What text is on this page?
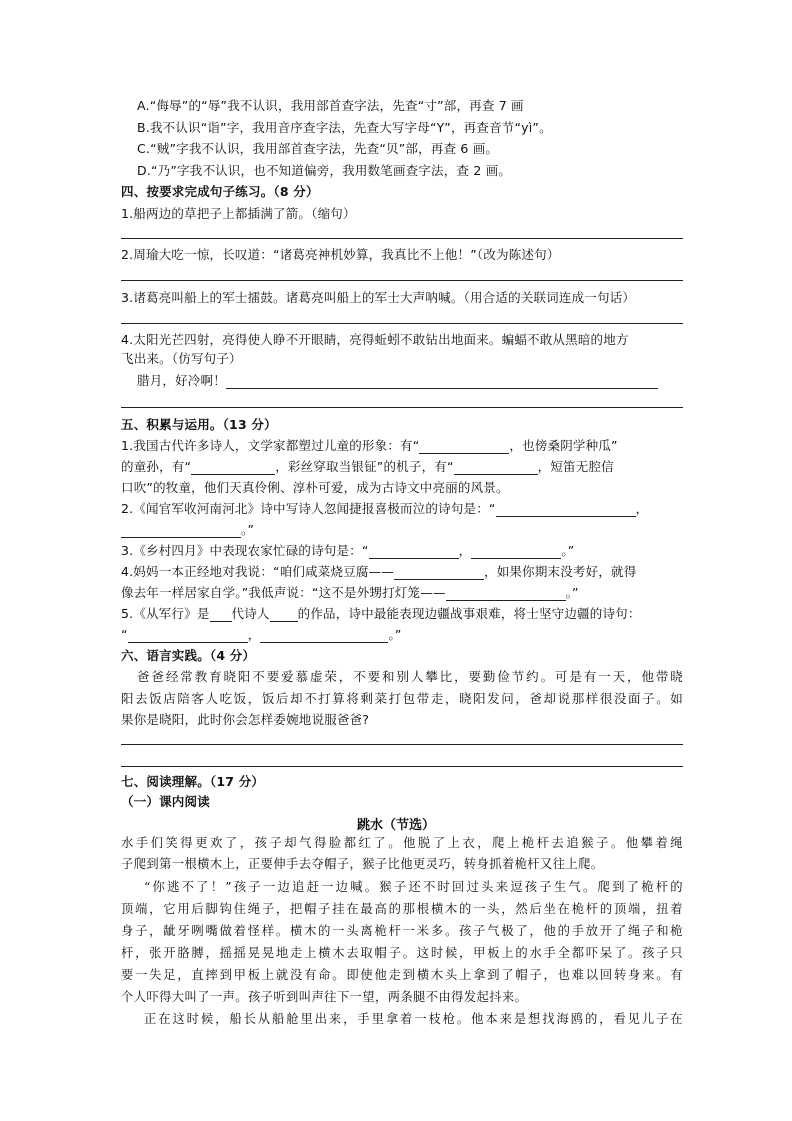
A.“侮辱”的“辱”我不认识，我用部首查字法，先查“寸”部，再查 7 画
B.我不认识“诣”字，我用音序查字法，先查大写字母“Y”，再查音节“yì”。
C.“贼”字我不认识，我用部首查字法，先查“贝”部，再查 6 画。
D.“乃”字我不认识，也不知道偏旁，我用数笔画查字法，查 2 画。
四、按要求完成句子练习。（8 分）
1.船两边的草把子上都插满了箭。（缩句）
2.周瑜大吃一惊，长叹道：“诸葛亮神机妙算，我真比不上他！”（改为陈述句）
3.诸葛亮叫船上的军士擂鼓。诸葛亮叫船上的军士大声呐喊。（用合适的关联词连成一句话）
4.太阳光芒四射，亮得使人睁不开眼睛，亮得蚯蚓不敢钻出地面来。蝙蝠不敢从黑暗的地方
飞出来。（仿写句子）
腊月，好冷啊！
五、积累与运用。（13 分）
1.我国古代许多诗人，文学家都塑过儿童的形象：有“	，也傍桑阴学种瓜”
的童孙，有“	，彩丝穿取当银钲”的机子，有“	，短笛无腔信
口吹”的牧童，他们天真伶俐、淳朴可爱，成为古诗文中亮丽的风景。
2.《闻官军收河南河北》诗中写诗人忽闻捷报喜极而泣的诗句是：“	，
。”
3.《乡村四月》中表现农家忙碌的诗句是：“	，	。”
4.妈妈一本正经地对我说：“咱们咸菜烧豆腐——	，如果你期末没考好，就得
像去年一样居家自学。”我低声说：“这不是外甥打灯笼——	。”
5.《从军行》是 代诗人 的作品，诗中最能表现边疆战事艰难，将士坚守边疆的诗句：
“	，	。”
六、语言实践。（4 分）
爸爸经常教育晓阳不要爱慕虚荣，不要和别人攀比，要勤俭节约。可是有一天，他带晓
阳去饭店陪客人吃饭，饭后却不打算将剩菜打包带走，晓阳发问，爸却说那样很没面子。如
果你是晓阳，此时你会怎样委婉地说服爸爸?
七、阅读理解。（17 分）
（一）课内阅读
跳水（节选）
水手们笑得更欢了，孩子却气得脸都红了。他脱了上衣，爬上桅杆去追猴子。他攀着绳
子爬到第一根横木上，正要伸手去夺帽子，猴子比他更灵巧，转身抓着桅杆又往上爬。
“你逃不了！”孩子一边追赶一边喊。猴子还不时回过头来逗孩子生气。爬到了桅杆的
顶端，它用后脚钩住绳子，把帽子挂在最高的那根横木的一头，然后坐在桅杆的顶端，扭着
身子，龇牙咧嘴做着怪样。横木的一头离桅杆一米多。孩子气极了，他的手放开了绳子和桅
杆，张开胳膊，摇摇晃晃地走上横木去取帽子。这时候，甲板上的水手全都吓呆了。孩子只
要一失足，直摔到甲板上就没有命。即使他走到横木头上拿到了帽子，也难以回转身来。有
个人吓得大叫了一声。孩子听到叫声往下一望，两条腿不由得发起抖来。
正在这时候，船长从船舱里出来，手里拿着一枝枪。他本来是想找海鸥的，看见儿子在
